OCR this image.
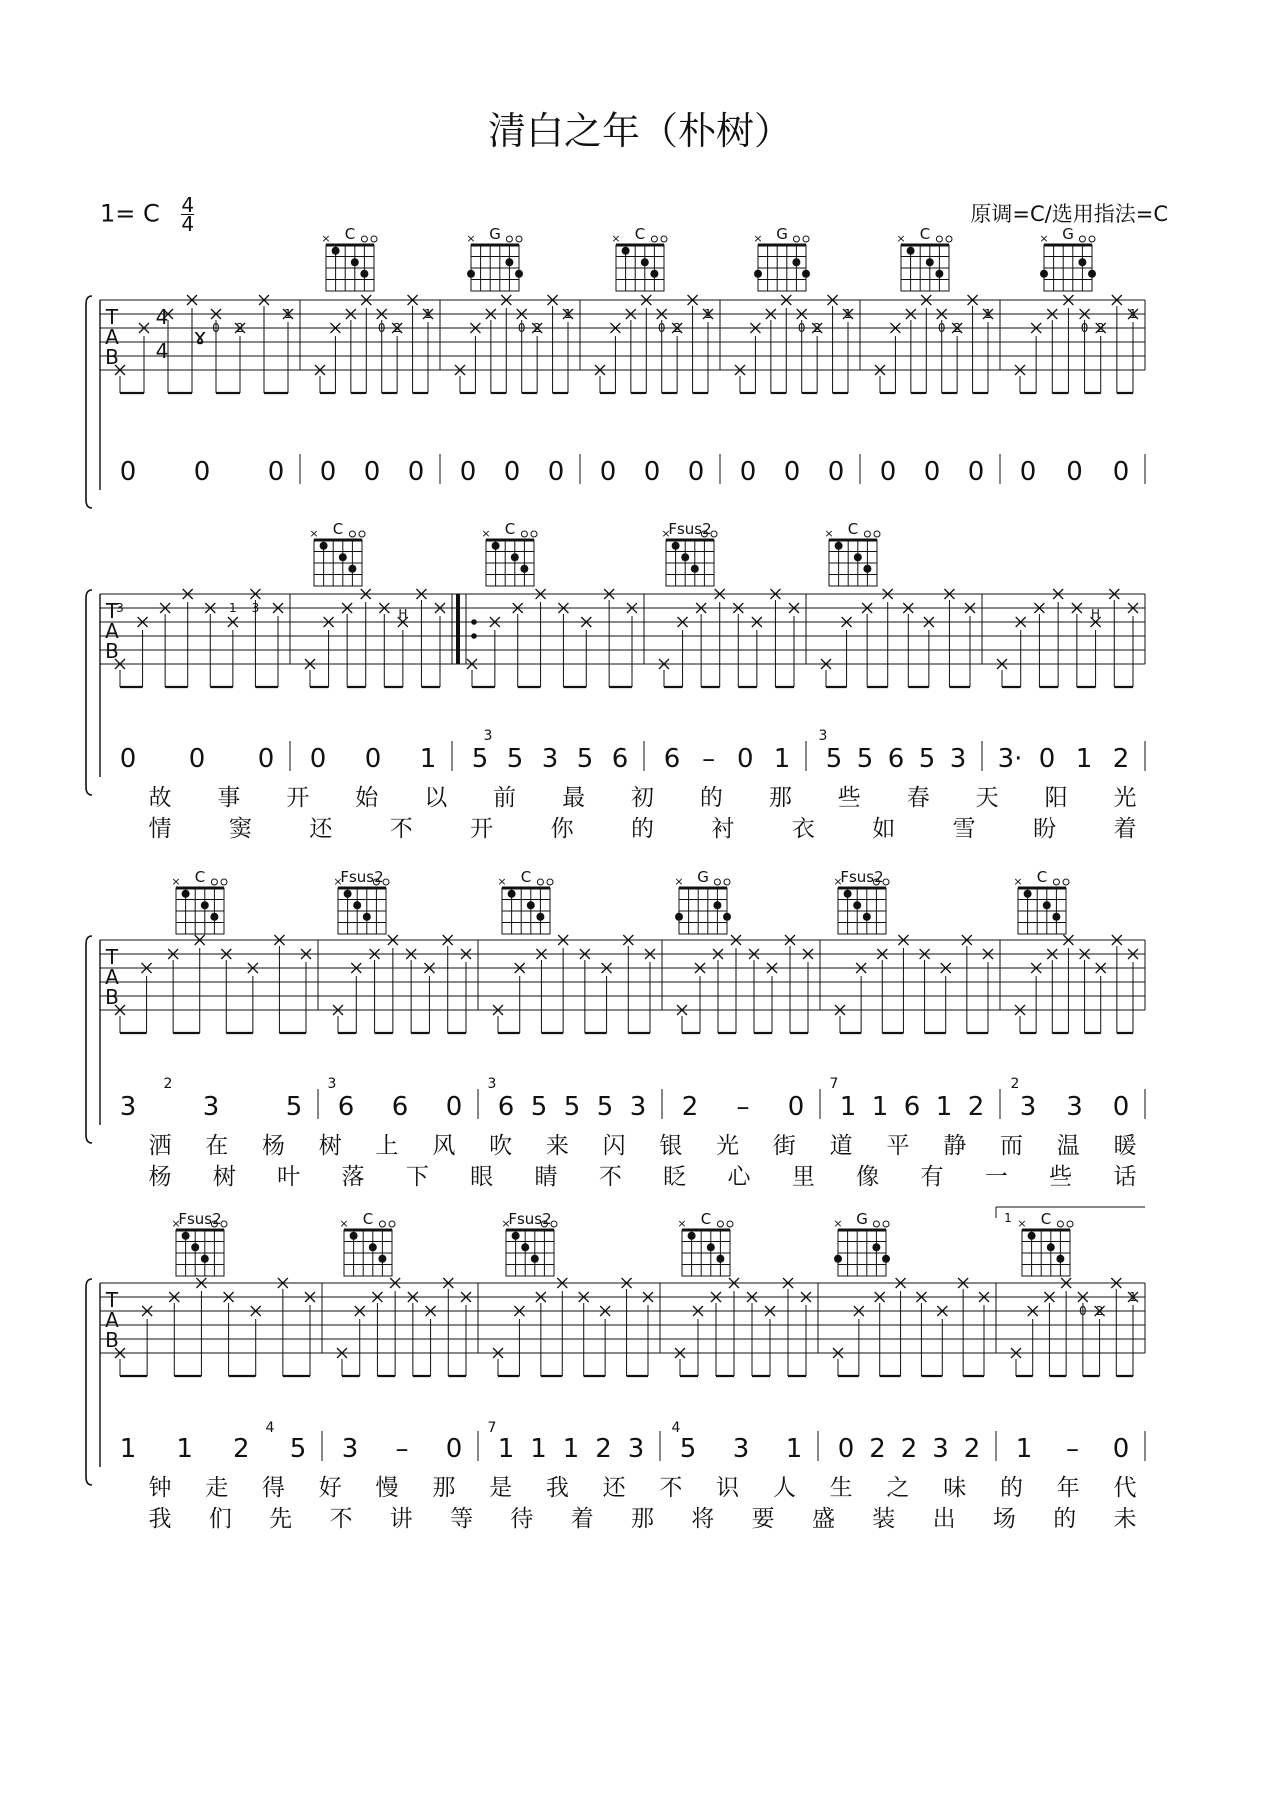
清白之年（朴树）
1= C $\frac{4}{4}$	原调=C/选用指法=C
T
A
B
4
4
ɤ 0 2
1
0 2
1
0 2
1
0 2
1
0 2
1
0 2
1
0 2
1
C
×	G
×	C
×	G
×	C
×	G
×
0 0 0 0 0 0 0 0 0 0 0 0 0 0 0 0 0 0 0 0 0
T
A
B
3	1 3	H	H
C
×	C
×	Fsus2
×	C
×
0 0 0 0 0 1 5 5 3 5 6 6 – 0 1 5 5 6 5 3 3· 0 1 2
故 事 开 始 以 前 最 初 的 那 些 春 天 阳 光
情 窦 还 不 开 你 的 衬 衣 如 雪 盼 着
T
A
B
C
×	Fsus2
×	C
×	G
×	Fsus2
×	C
×
3	3	5 6 6 0 6 5 5 5 3 2 – 0 1 1 6 1 2 3 3 0
洒 在 杨 树 上 风 吹 来 闪 银 光 街 道 平 静 而 温 暖
杨 树 叶 落 下 眼 睛 不 眨 心 里 像 有 一 些 话
T
A
B
1
0 2
1
Fsus2
×	C
×	Fsus2
×	C
×	G
×	C
×
1 1 2 5 3 – 0 1 1 1 2 3 5 3 1 0 2 2 3 2 1 – 0
钟 走 得 好 慢 那 是 我 还 不 识 人 生 之 味 的 年 代
我 们 先 不 讲 等 待 着 那 将 要 盛 装 出 场 的 未
3	3
2	3	3	7	2
4	7	4
